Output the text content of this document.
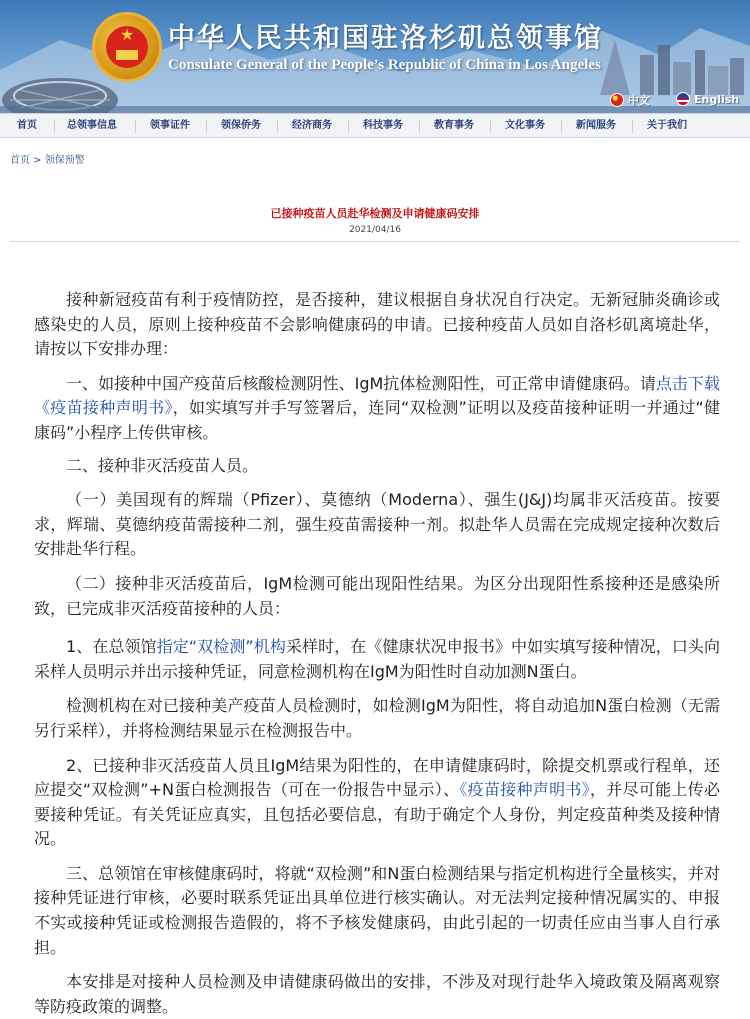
★ 中华人民共和国驻洛杉矶总领事馆
Consulate General of the People’s Republic of China in Los Angeles
中文	English
首页	总领事信息	领事证件	领保侨务	经济商务	科技事务	教育事务	文化事务	新闻服务	关于我们
首页 > 领保预警
已接种疫苗人员赴华检测及申请健康码安排
2021/04/16

接种新冠疫苗有利于疫情防控，是否接种，建议根据自身状况自行决定。无新冠肺炎确诊或感染史的人员，原则上接种疫苗不会影响健康码的申请。已接种疫苗人员如自洛杉矶离境赴华，请按以下安排办理：

一、如接种中国产疫苗后核酸检测阴性、IgM抗体检测阳性，可正常申请健康码。请点击下载《疫苗接种声明书》，如实填写并手写签署后，连同“双检测”证明以及疫苗接种证明一并通过“健康码”小程序上传供审核。

二、接种非灭活疫苗人员。

（一）美国现有的辉瑞（Pfizer）、莫德纳（Moderna）、强生(J&J)均属非灭活疫苗。按要求，辉瑞、莫德纳疫苗需接种二剂，强生疫苗需接种一剂。拟赴华人员需在完成规定接种次数后安排赴华行程。

（二）接种非灭活疫苗后，IgM检测可能出现阳性结果。为区分出现阳性系接种还是感染所致，已完成非灭活疫苗接种的人员：

1、在总领馆指定“双检测”机构采样时，在《健康状况申报书》中如实填写接种情况，口头向采样人员明示并出示接种凭证，同意检测机构在IgM为阳性时自动加测N蛋白。

检测机构在对已接种美产疫苗人员检测时，如检测IgM为阳性，将自动追加N蛋白检测（无需另行采样），并将检测结果显示在检测报告中。

2、已接种非灭活疫苗人员且IgM结果为阳性的，在申请健康码时，除提交机票或行程单，还应提交“双检测”+N蛋白检测报告（可在一份报告中显示）、《疫苗接种声明书》，并尽可能上传必要接种凭证。有关凭证应真实，且包括必要信息，有助于确定个人身份，判定疫苗种类及接种情况。

三、总领馆在审核健康码时，将就“双检测”和N蛋白检测结果与指定机构进行全量核实，并对接种凭证进行审核，必要时联系凭证出具单位进行核实确认。对无法判定接种情况属实的、申报不实或接种凭证或检测报告造假的，将不予核发健康码，由此引起的一切责任应由当事人自行承担。

本安排是对接种人员检测及申请健康码做出的安排，不涉及对现行赴华入境政策及隔离观察等防疫政策的调整。
